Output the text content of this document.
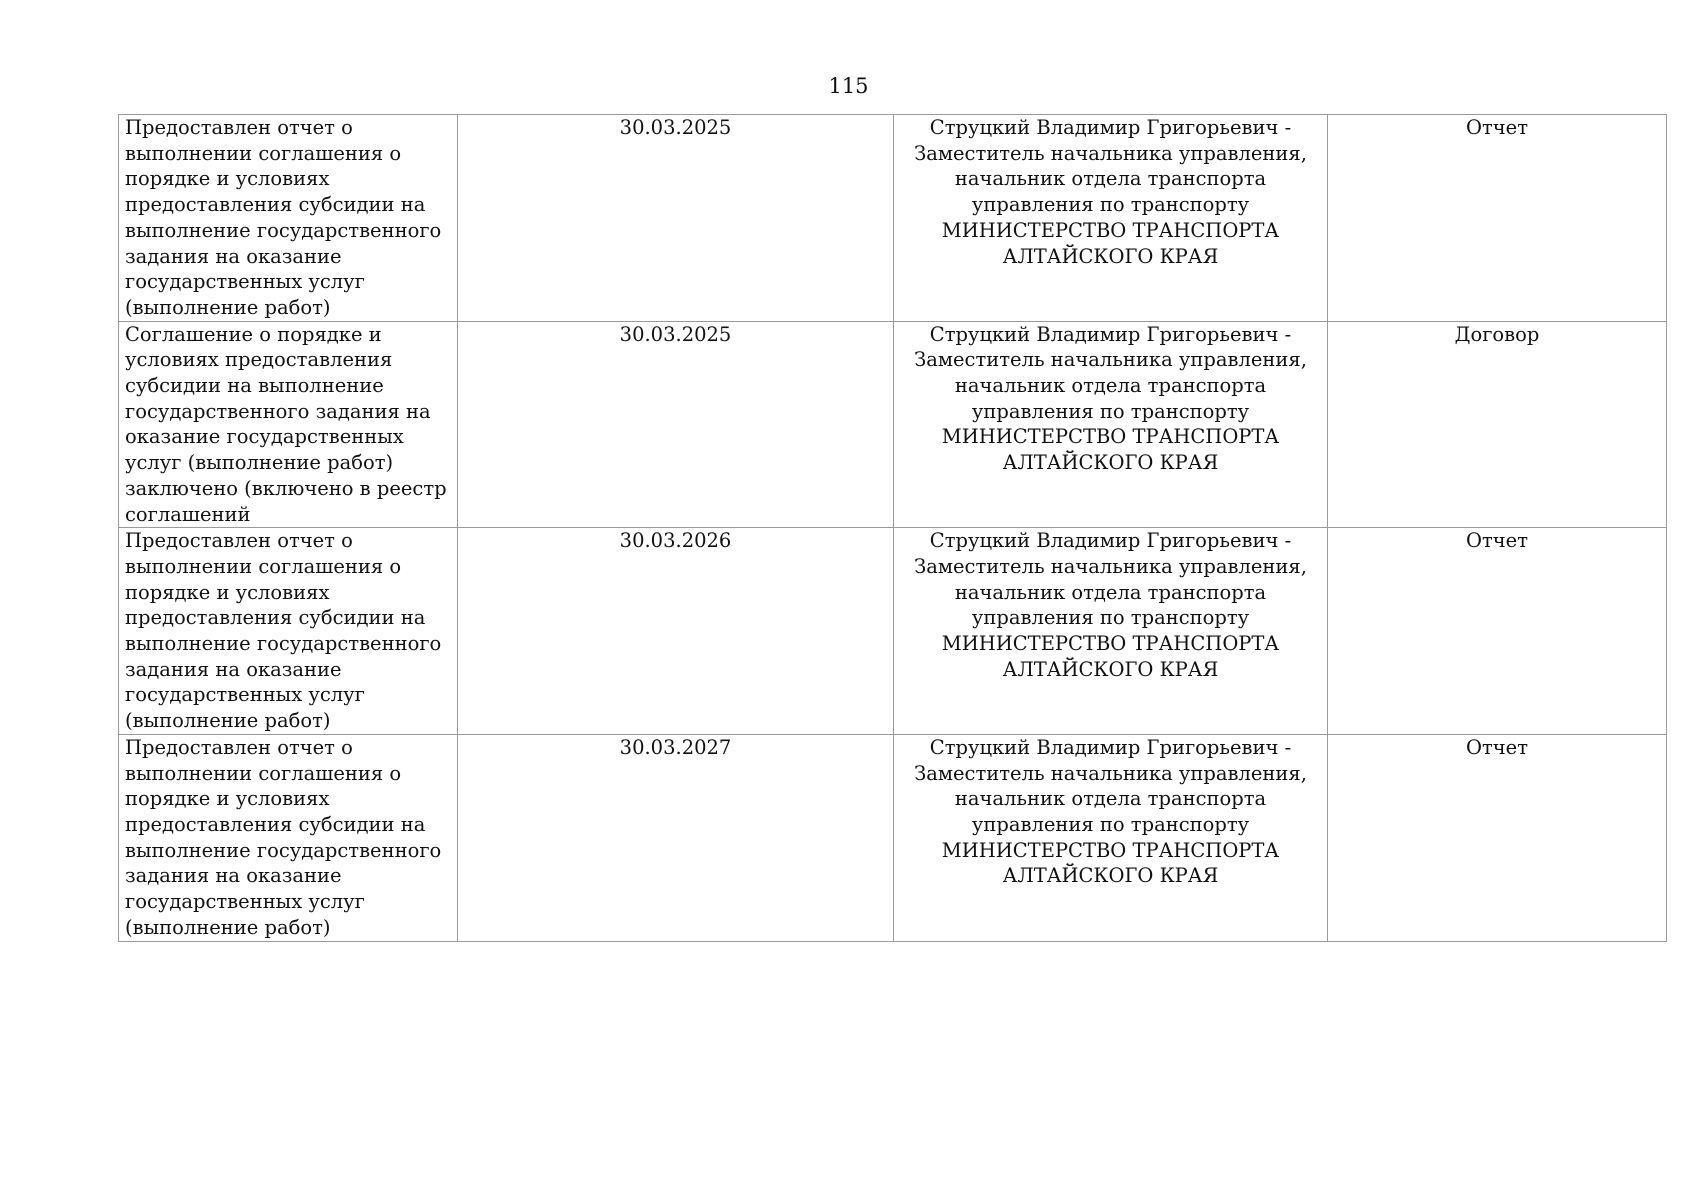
115
Предоставлен отчет о выполнении соглашения о порядке и условиях предоставления субсидии на выполнение государственного задания на оказание государственных услуг (выполнение работ)	30.03.2025	Струцкий Владимир Григорьевич -
Заместитель начальника управления, начальник отдела транспорта управления по транспорту
МИНИСТЕРСТВО ТРАНСПОРТА АЛТАЙСКОГО КРАЯ	Отчет

Соглашение о порядке и условиях предоставления субсидии на выполнение государственного задания на оказание государственных услуг (выполнение работ) заключено (включено в реестр соглашений	30.03.2025	Струцкий Владимир Григорьевич -
Заместитель начальника управления, начальник отдела транспорта управления по транспорту
МИНИСТЕРСТВО ТРАНСПОРТА АЛТАЙСКОГО КРАЯ	Договор

Предоставлен отчет о выполнении соглашения о порядке и условиях предоставления субсидии на выполнение государственного задания на оказание государственных услуг (выполнение работ)	30.03.2026	Струцкий Владимир Григорьевич -
Заместитель начальника управления, начальник отдела транспорта управления по транспорту
МИНИСТЕРСТВО ТРАНСПОРТА АЛТАЙСКОГО КРАЯ	Отчет

Предоставлен отчет о выполнении соглашения о порядке и условиях предоставления субсидии на выполнение государственного задания на оказание государственных услуг (выполнение работ)	30.03.2027	Струцкий Владимир Григорьевич -
Заместитель начальника управления, начальник отдела транспорта управления по транспорту
МИНИСТЕРСТВО ТРАНСПОРТА АЛТАЙСКОГО КРАЯ	Отчет
